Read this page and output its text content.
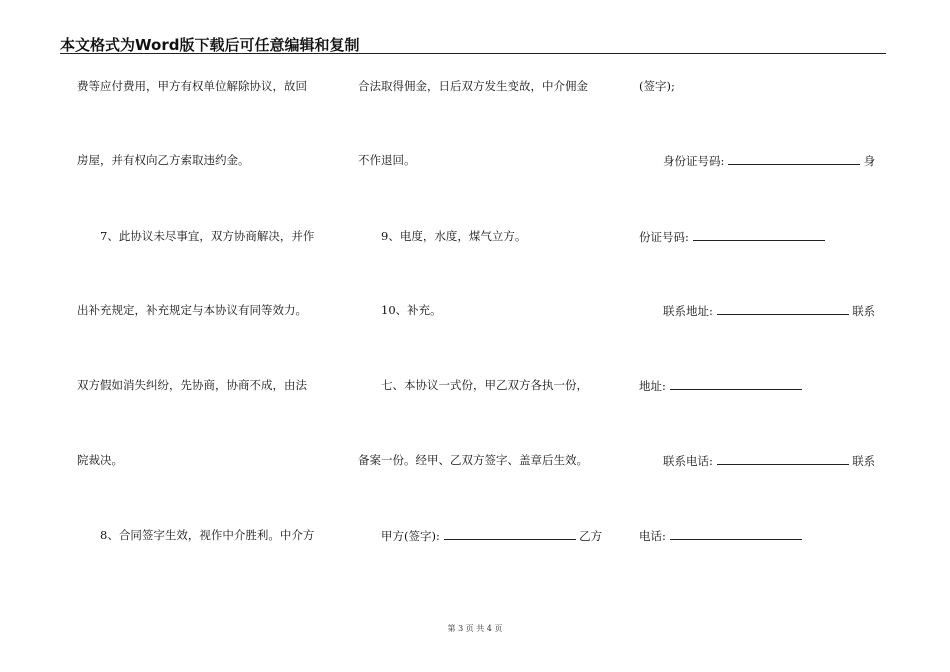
本文格式为Word版下载后可任意编辑和复制
费等应付费用，甲方有权单位解除协议，故回
房屋，并有权向乙方索取违约金。
7、此协议未尽事宜，双方协商解决，并作
出补充规定，补充规定与本协议有同等效力。
双方假如消失纠纷，先协商，协商不成，由法
院裁决。
8、合同签字生效，视作中介胜利。中介方
合法取得佣金，日后双方发生变故，中介佣金
不作退回。
9、电度，水度，煤气立方。
10、补充。
七、本协议一式份，甲乙双方各执一份，
备案一份。经甲、乙双方签字、盖章后生效。
甲方(签字):	乙方
(签字);
身份证号码:	身
份证号码:
联系地址:	联系
地址:
联系电话:	联系
电话:
第 3 页 共 4 页
